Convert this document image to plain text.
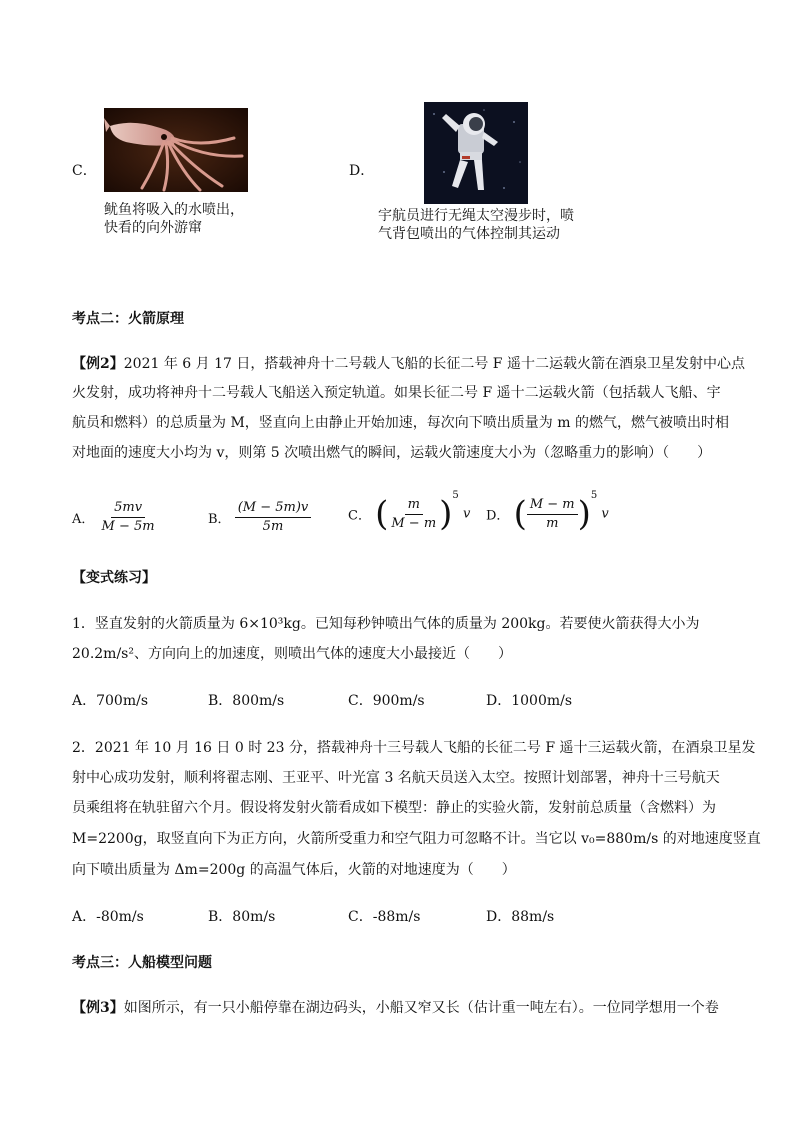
C．
鱿鱼将吸入的水喷出，
快看的向外游窜
D．
宇航员进行无绳太空漫步时，喷
气背包喷出的气体控制其运动
考点二：火箭原理
【例2】2021 年 6 月 17 日，搭载神舟十二号载人飞船的长征二号 F 遥十二运载火箭在酒泉卫星发射中心点
火发射，成功将神舟十二号载人飞船送入预定轨道。如果长征二号 F 遥十二运载火箭（包括载人飞船、宇
航员和燃料）的总质量为 M，竖直向上由静止开始加速，每次向下喷出质量为 m 的燃气，燃气被喷出时相
对地面的速度大小均为 v，则第 5 次喷出燃气的瞬间，运载火箭速度大小为（忽略重力的影响）（　　）
A． $\frac{5mv}{M - 5m}$	B． $\frac{(M - 5m)v}{5m}$	C． ( $\frac{m}{M - m} )^5$ v D． ( $\frac{M - m}{m} )^5$ v
【变式练习】
1．竖直发射的火箭质量为 6×10³kg。已知每秒钟喷出气体的质量为 200kg。若要使火箭获得大小为
20.2m/s²、方向向上的加速度，则喷出气体的速度大小最接近（　　）
A．700m/s	B．800m/s	C．900m/s	D．1000m/s
2．2021 年 10 月 16 日 0 时 23 分，搭载神舟十三号载人飞船的长征二号 F 遥十三运载火箭，在酒泉卫星发
射中心成功发射，顺利将翟志刚、王亚平、叶光富 3 名航天员送入太空。按照计划部署，神舟十三号航天
员乘组将在轨驻留六个月。假设将发射火箭看成如下模型：静止的实验火箭，发射前总质量（含燃料）为
M=2200g，取竖直向下为正方向，火箭所受重力和空气阻力可忽略不计。当它以 v₀=880m/s 的对地速度竖直
向下喷出质量为 Δm=200g 的高温气体后，火箭的对地速度为（　　）
A．-80m/s	B．80m/s	C．-88m/s	D．88m/s
考点三：人船模型问题
【例3】如图所示，有一只小船停靠在湖边码头，小船又窄又长（估计重一吨左右）。一位同学想用一个卷
